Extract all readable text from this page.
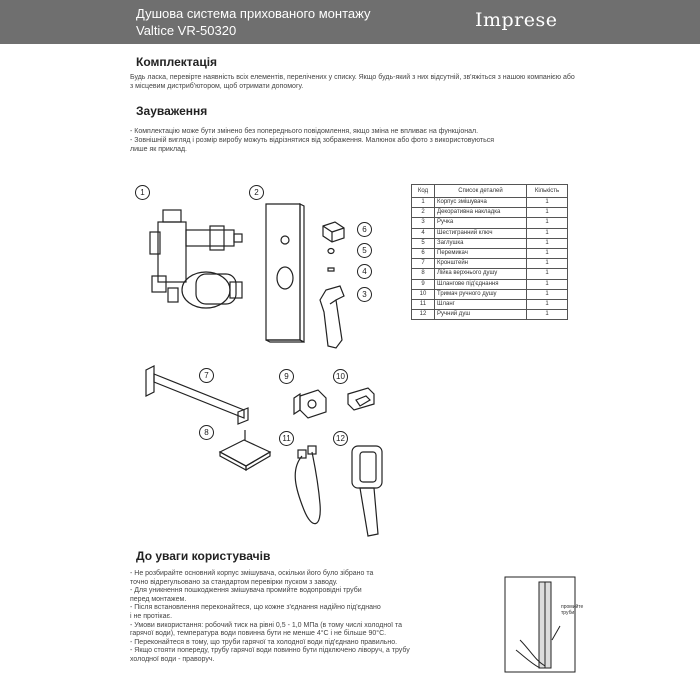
Душова система прихованого монтажу
Valtice VR-50320	Imprese
Комплектація
Будь ласка, перевірте наявність всіх елементів, перелічених у списку. Якщо будь-який з них відсутній, зв'яжіться з нашою компанією або з місцевим дистриб'ютором, щоб отримати допомогу.
Зауваження
- Комплектацію може бути змінено без попереднього повідомлення, якщо зміна не впливає на функціонал.
- Зовнішній вигляд і розмір виробу можуть відрізнятися від зображення. Малюнок або фото з використовуються
лише як приклад.
1	2
3
4
5
6
7
8
9	10
11	12
Код	Список деталей	Кількість
1	Корпус змішувача	1
2	Декоративна накладка	1
3	Ручка	1
4	Шестигранний ключ	1
5	Заглушка	1
6	Перемикач	1
7	Кронштейн	1
8	Лійка верхнього душу	1
9	Шлангове під'єднання	1
10	Тримач ручного душу	1
11	Шланг	1
12	Ручний душ	1
До уваги користувачів
- Не розбирайте основний корпус змішувача, оскільки його було зібрано та
точно відрегульовано за стандартом перевірки пуском з заводу.
- Для уникнення пошкодження змішувача промийте водопровідні труби
перед монтажем.
- Після встановлення переконайтеся, що кожне з'єднання надійно під'єднано
і не протікає.
- Умови використання: робочий тиск на рівні 0,5 - 1,0 МПа (в тому числі холодної та
гарячої води), температура води повинна бути не менше 4°С і не більше 90°С.
- Переконайтеся в тому, що труби гарячої та холодної води під'єднано правильно.
- Якщо стояти попереду, трубу гарячої води повинно бути підключено ліворуч, а трубу
холодної води - праворуч.
промийте труби
